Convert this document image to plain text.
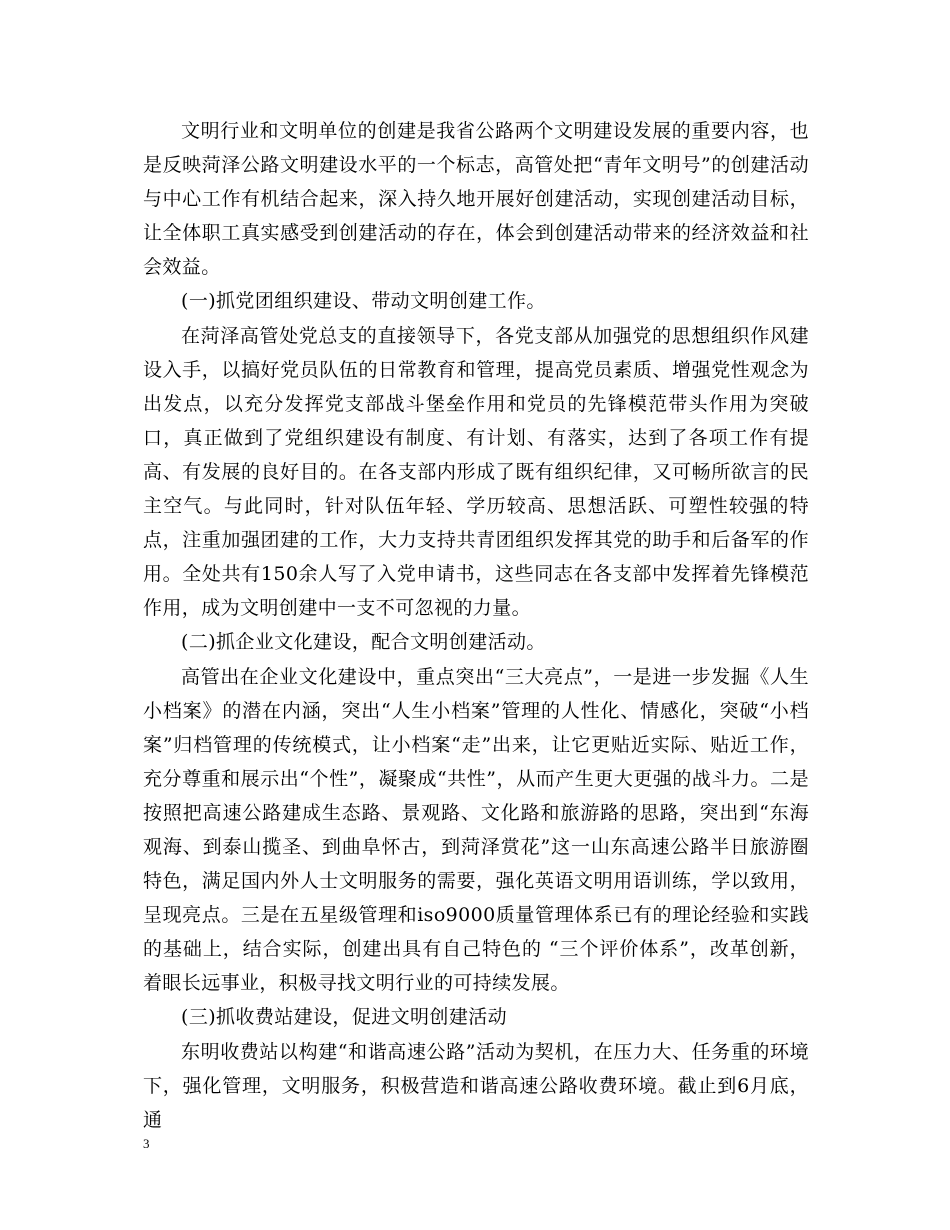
文明行业和文明单位的创建是我省公路两个文明建设发展的重要内容，也是反映菏泽公路文明建设水平的一个标志，高管处把“青年文明号”的创建活动与中心工作有机结合起来，深入持久地开展好创建活动，实现创建活动目标，让全体职工真实感受到创建活动的存在，体会到创建活动带来的经济效益和社会效益。

(一)抓党团组织建设、带动文明创建工作。

在菏泽高管处党总支的直接领导下，各党支部从加强党的思想组织作风建设入手，以搞好党员队伍的日常教育和管理，提高党员素质、增强党性观念为出发点，以充分发挥党支部战斗堡垒作用和党员的先锋模范带头作用为突破口，真正做到了党组织建设有制度、有计划、有落实，达到了各项工作有提高、有发展的良好目的。在各支部内形成了既有组织纪律，又可畅所欲言的民主空气。与此同时，针对队伍年轻、学历较高、思想活跃、可塑性较强的特点，注重加强团建的工作，大力支持共青团组织发挥其党的助手和后备军的作用。全处共有150余人写了入党申请书，这些同志在各支部中发挥着先锋模范作用，成为文明创建中一支不可忽视的力量。

(二)抓企业文化建设，配合文明创建活动。

高管出在企业文化建设中，重点突出“三大亮点”，一是进一步发掘《人生小档案》的潜在内涵，突出“人生小档案”管理的人性化、情感化，突破“小档案”归档管理的传统模式，让小档案“走”出来，让它更贴近实际、贴近工作，充分尊重和展示出“个性”，凝聚成“共性”，从而产生更大更强的战斗力。二是按照把高速公路建成生态路、景观路、文化路和旅游路的思路，突出到“东海观海、到泰山揽圣、到曲阜怀古，到菏泽赏花”这一山东高速公路半日旅游圈特色，满足国内外人士文明服务的需要，强化英语文明用语训练，学以致用，呈现亮点。三是在五星级管理和iso9000质量管理体系已有的理论经验和实践的基础上，结合实际，创建出具有自己特色的 “三个评价体系”，改革创新，着眼长远事业，积极寻找文明行业的可持续发展。

(三)抓收费站建设，促进文明创建活动

东明收费站以构建“和谐高速公路”活动为契机，在压力大、任务重的环境下，强化管理，文明服务，积极营造和谐高速公路收费环境。截止到6月底，通

3
